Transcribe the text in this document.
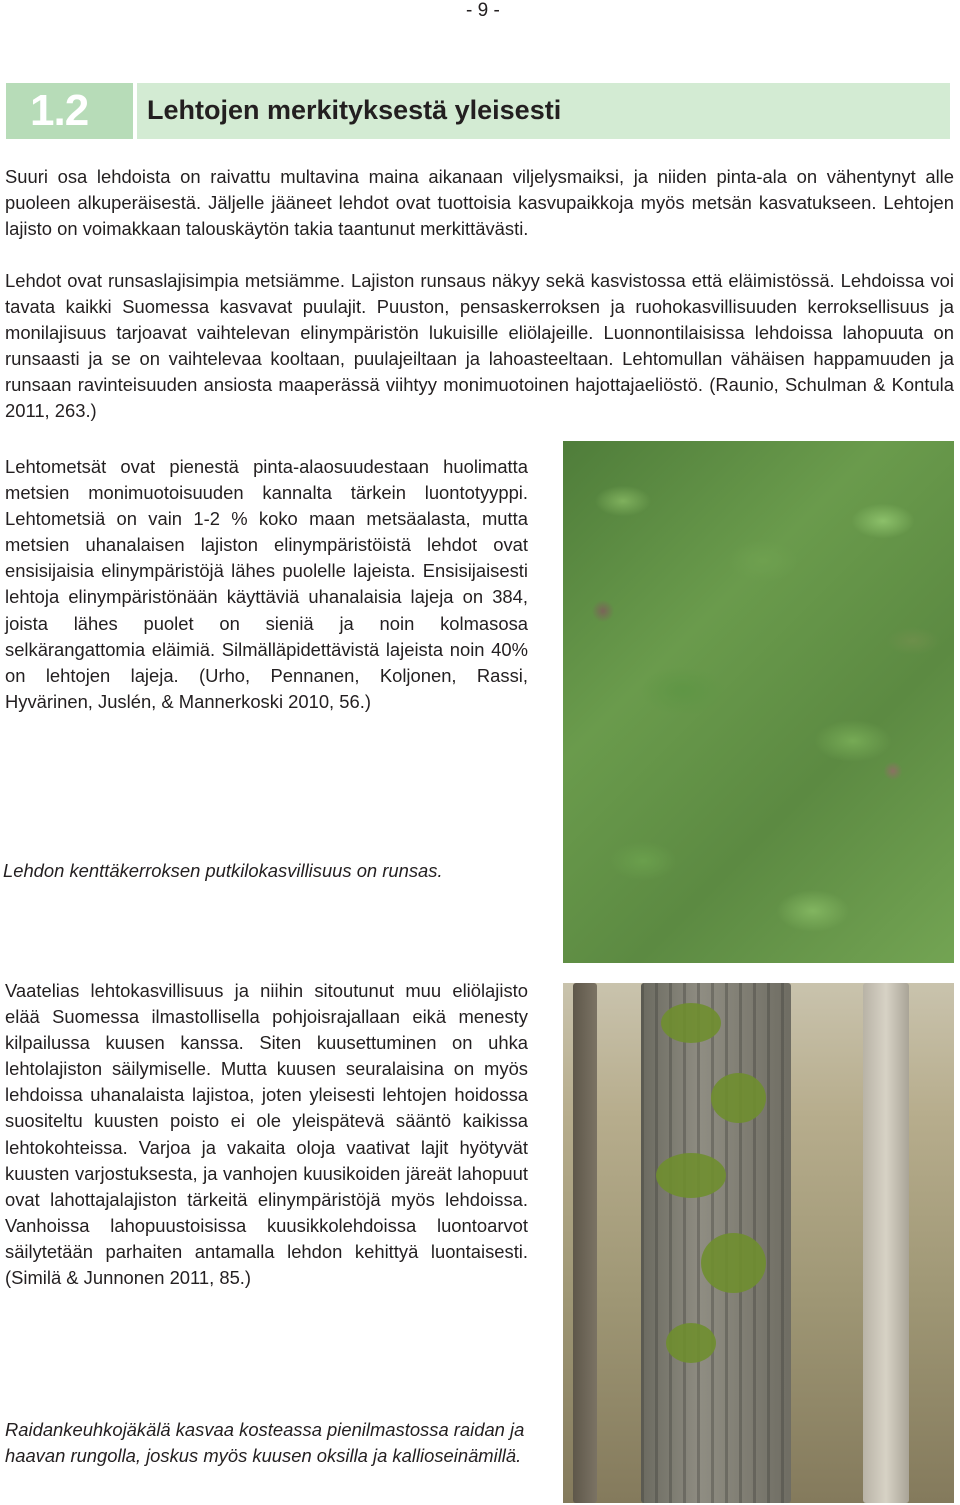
- 9 -
1.2 Lehtojen merkityksestä yleisesti

Suuri osa lehdoista on raivattu multavina maina aikanaan viljelysmaiksi, ja niiden pinta-ala on vähentynyt alle puoleen alkuperäisestä. Jäljelle jääneet lehdot ovat tuottoisia kasvupaikkoja myös metsän kasvatukseen. Lehtojen lajisto on voimakkaan talouskäytön takia taantunut merkittävästi.

Lehdot ovat runsaslajisimpia metsiämme. Lajiston runsaus näkyy sekä kasvistossa että eläimistössä. Lehdoissa voi tavata kaikki Suomessa kasvavat puulajit. Puuston, pensaskerroksen ja ruohokasvillisuuden kerroksellisuus ja monilajisuus tarjoavat vaihtelevan elinympäristön lukuisille eliölajeille. Luonnontilaisissa lehdoissa lahopuuta on runsaasti ja se on vaihtelevaa kooltaan, puulajeiltaan ja lahoasteeltaan. Lehtomullan vähäisen happamuuden ja runsaan ravinteisuuden ansiosta maaperässä viihtyy monimuotoinen hajottajaeliöstö. (Raunio, Schulman & Kontula 2011, 263.)

Lehtometsät ovat pienestä pinta-alaosuudestaan huolimatta metsien monimuotoisuuden kannalta tärkein luontotyyppi. Lehtometsiä on vain 1-2 % koko maan metsäalasta, mutta metsien uhanalaisen lajiston elinympäristöistä lehdot ovat ensisijaisia elinympäristöjä lähes puolelle lajeista. Ensisijaisesti lehtoja elinympäristönään käyttäviä uhanalaisia lajeja on 384, joista lähes puolet on sieniä ja noin kolmasosa selkärangattomia eläimiä. Silmälläpidettävistä lajeista noin 40% on lehtojen lajeja. (Urho, Pennanen, Koljonen, Rassi, Hyvärinen, Juslén, & Mannerkoski 2010, 56.)

Lehdon kenttäkerroksen putkilokasvillisuus on runsas.

Vaatelias lehtokasvillisuus ja niihin sitoutunut muu eliölajisto elää Suomessa ilmastollisella pohjoisrajallaan eikä menesty kilpailussa kuusen kanssa. Siten kuusettuminen on uhka lehtolajiston säilymiselle. Mutta kuusen seuralaisina on myös lehdoissa uhanalaista lajistoa, joten yleisesti lehtojen hoidossa suositeltu kuusten poisto ei ole yleispätevä sääntö kaikissa lehtokohteissa. Varjoa ja vakaita oloja vaativat lajit hyötyvät kuusten varjostuksesta, ja vanhojen kuusikoiden järeät lahopuut ovat lahottajalajiston tärkeitä elinympäristöjä myös lehdoissa. Vanhoissa lahopuustoisissa kuusikkolehdoissa luontoarvot säilytetään parhaiten antamalla lehdon kehittyä luontaisesti. (Similä & Junnonen 2011, 85.)

Raidankeuhkojäkälä kasvaa kosteassa pienilmastossa raidan ja haavan rungolla, joskus myös kuusen oksilla ja kallioseinämillä.
